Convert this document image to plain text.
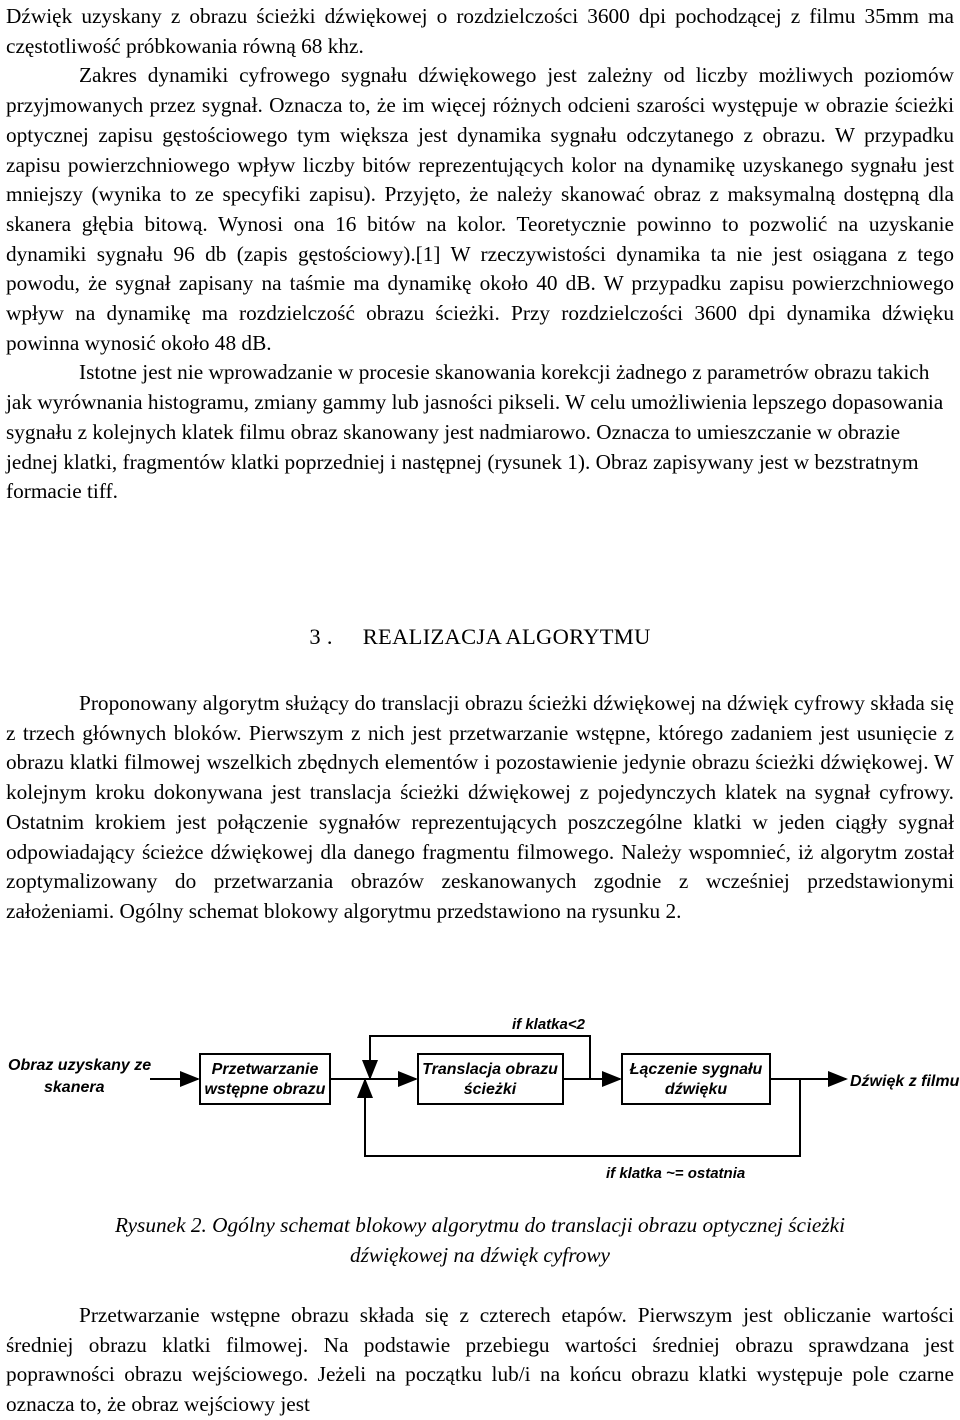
Dźwięk uzyskany z obrazu ścieżki dźwiękowej o rozdzielczości 3600 dpi pochodzącej z filmu 35mm ma częstotliwość próbkowania równą 68 khz.

Zakres dynamiki cyfrowego sygnału dźwiękowego jest zależny od liczby możliwych poziomów przyjmowanych przez sygnał. Oznacza to, że im więcej różnych odcieni szarości występuje w obrazie ścieżki optycznej zapisu gęstościowego tym większa jest dynamika sygnału odczytanego z obrazu. W przypadku zapisu powierzchniowego wpływ liczby bitów reprezentujących kolor na dynamikę uzyskanego sygnału jest mniejszy (wynika to ze specyfiki zapisu). Przyjęto, że należy skanować obraz z maksymalną dostępną dla skanera głębia bitową. Wynosi ona 16 bitów na kolor. Teoretycznie powinno to pozwolić na uzyskanie dynamiki sygnału 96 db (zapis gęstościowy).[1] W rzeczywistości dynamika ta nie jest osiągana z tego powodu, że sygnał zapisany na taśmie ma dynamikę około 40 dB. W przypadku zapisu powierzchniowego wpływ na dynamikę ma rozdzielczość obrazu ścieżki. Przy rozdzielczości 3600 dpi dynamika dźwięku powinna wynosić około 48 dB.

Istotne jest nie wprowadzanie w procesie skanowania korekcji żadnego z parametrów obrazu takich jak wyrównania histogramu, zmiany gammy lub jasności pikseli. W celu umożliwienia lepszego dopasowania sygnału z kolejnych klatek filmu obraz skanowany jest nadmiarowo. Oznacza to umieszczanie w obrazie jednej klatki, fragmentów klatki poprzedniej i następnej (rysunek 1). Obraz zapisywany jest w bezstratnym formacie tiff.

3 . REALIZACJA ALGORYTMU

Proponowany algorytm służący do translacji obrazu ścieżki dźwiękowej na dźwięk cyfrowy składa się z trzech głównych bloków. Pierwszym z nich jest przetwarzanie wstępne, którego zadaniem jest usunięcie z obrazu klatki filmowej wszelkich zbędnych elementów i pozostawienie jedynie obrazu ścieżki dźwiękowej. W kolejnym kroku dokonywana jest translacja ścieżki dźwiękowej z pojedynczych klatek na sygnał cyfrowy. Ostatnim krokiem jest połączenie sygnałów reprezentujących poszczególne klatki w jeden ciągły sygnał odpowiadający ścieżce dźwiękowej dla danego fragmentu filmowego. Należy wspomnieć, iż algorytm został zoptymalizowany do przetwarzania obrazów zeskanowanych zgodnie z wcześniej przedstawionymi założeniami. Ogólny schemat blokowy algorytmu przedstawiono na rysunku 2.

Obraz uzyskany ze
skanera
Przetwarzanie
wstępne obrazu
Translacja obrazu
ścieżki
Łączenie sygnału
dźwięku	Dźwięk z filmu
if klatka<2
if klatka ~= ostatnia
Rysunek 2. Ogólny schemat blokowy algorytmu do translacji obrazu optycznej ścieżki
dźwiękowej na dźwięk cyfrowy

Przetwarzanie wstępne obrazu składa się z czterech etapów. Pierwszym jest obliczanie wartości średniej obrazu klatki filmowej. Na podstawie przebiegu wartości średniej obrazu sprawdzana jest poprawności obrazu wejściowego. Jeżeli na początku lub/i na końcu obrazu klatki występuje pole czarne oznacza to, że obraz wejściowy jest
